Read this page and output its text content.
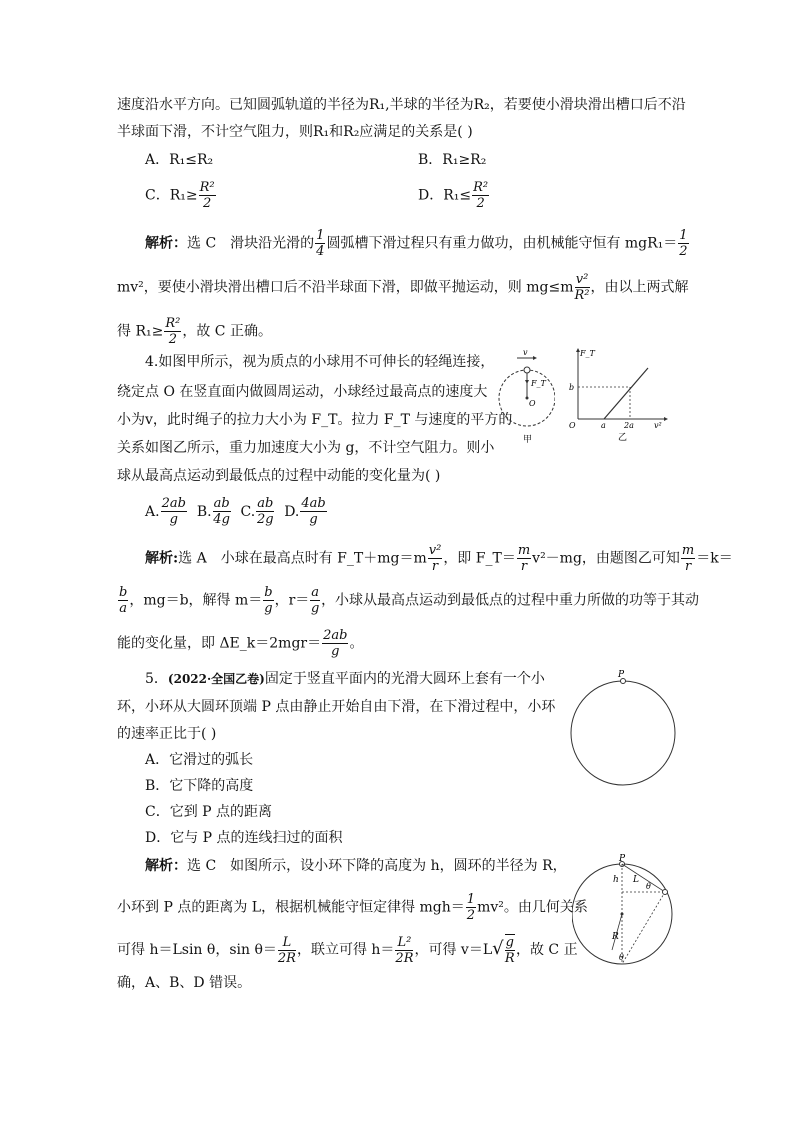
速度沿水平方向。已知圆弧轨道的半径为R₁,半球的半径为R₂，若要使小滑块滑出槽口后不沿
半球面下滑，不计空气阻力，则R₁和R₂应满足的关系是( )
A．R₁≤R₂	B．R₁≥R₂
C．$R_1\ge \frac{\text{R²}}{2}$	D．$R_1\le \frac{\text{R²}}{2}$
解析：选 C　 滑块沿光滑的 $\frac{1}{4}$ 圆弧槽下滑过程只有重力做功，由机械能守恒有 $mgR_1= \frac{1}{2}$
mv²，要使小滑块滑出槽口后不沿半球面下滑，即做平抛运动，则 $mg\le m \frac{\text{v²}}{\text{R²}}$ ，由以上两式解
得 $R_1\ge \frac{\text{R²}}{2}$ ，故 C 正确。
4.如图甲所示，视为质点的小球用不可伸长的轻绳连接，
绕定点 O 在竖直面内做圆周运动，小球经过最高点的速度大
小为v，此时绳子的拉力大小为 F_T。拉力 F_T 与速度的平方的
关系如图乙所示，重力加速度大小为 g，不计空气阻力。则小
球从最高点运动到最低点的过程中动能的变化量为( )
A. $\frac{2ab}{g} B$. $\frac{ab}{4g} C$. $\frac{ab}{2g} D$. $\frac{4ab}{g}$
解析:选 A　小球在最高点时有 F_T＋mg＝m $\frac{\text{v²}}{r}$ ，即 F_T＝ $\frac{m}{r} v^2-mg$，由题图乙可知 $\frac{m}{r} =k=$
$\frac{b}{a}$ ，mg＝b，解得 $m= \frac{b}{g}$ ，$r= \frac{a}{g}$ ，小球从最高点运动到最低点的过程中重力所做的功等于其动
能的变化量，即 ΔE_k＝2mgr＝ $\frac{2ab}{g}$ 。
v
F_T
O
甲
F_T
b
O	a 2a	v²
乙
5．(2022·全国乙卷)固定于竖直平面内的光滑大圆环上套有一个小
环，小环从大圆环顶端 P 点由静止开始自由下滑，在下滑过程中，小环
的速率正比于( )
A．它滑过的弧长
B．它下降的高度
C．它到 P 点的距离
D．它与 P 点的连线扫过的面积
解析：选 C　如图所示，设小环下降的高度为 h，圆环的半径为 R，
小环到 P 点的距离为 L，根据机械能守恒定律得 $mgh= \frac{1}{2} mv^2$。由几何关系
可得 h＝Lsin θ，$\sin \theta= \frac{L}{2R}$ ，联立可得 $h= \frac{\text{L²}}{2R}$ ，可得 $v=L√ \frac{g}{R}$ ，故 C 正
确，A、B、D 错误。
P
P
h L
θ
R
θ
